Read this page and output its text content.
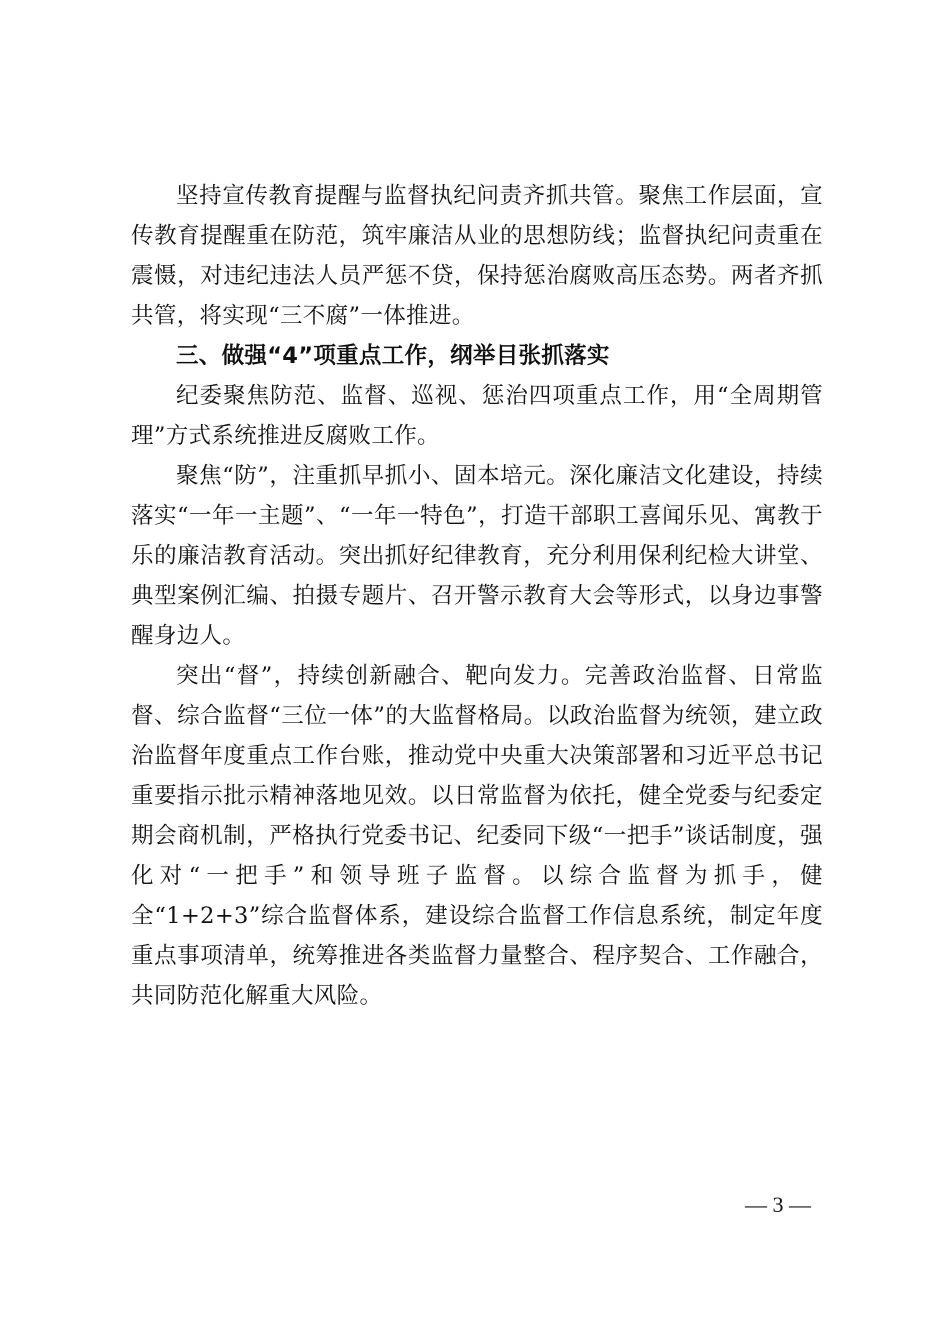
坚持宣传教育提醒与监督执纪问责齐抓共管。聚焦工作层面，宣传教育提醒重在防范，筑牢廉洁从业的思想防线；监督执纪问责重在震慑，对违纪违法人员严惩不贷，保持惩治腐败高压态势。两者齐抓共管，将实现“三不腐”一体推进。

三、做强“4”项重点工作，纲举目张抓落实

纪委聚焦防范、监督、巡视、惩治四项重点工作，用“全周期管理”方式系统推进反腐败工作。

聚焦“防”，注重抓早抓小、固本培元。深化廉洁文化建设，持续落实“一年一主题”、“一年一特色”，打造干部职工喜闻乐见、寓教于乐的廉洁教育活动。突出抓好纪律教育，充分利用保利纪检大讲堂、典型案例汇编、拍摄专题片、召开警示教育大会等形式，以身边事警醒身边人。

突出“督”，持续创新融合、靶向发力。完善政治监督、日常监督、综合监督“三位一体”的大监督格局。以政治监督为统领，建立政治监督年度重点工作台账，推动党中央重大决策部署和习近平总书记重要指示批示精神落地见效。以日常监督为依托，健全党委与纪委定期会商机制，严格执行党委书记、纪委同下级“一把手”谈话制度，强化对“一把手”和领导班子监督。以综合监督为抓手，健全“1+2+3”综合监督体系，建设综合监督工作信息系统，制定年度重点事项清单，统筹推进各类监督力量整合、程序契合、工作融合，共同防范化解重大风险。

— 3 —
